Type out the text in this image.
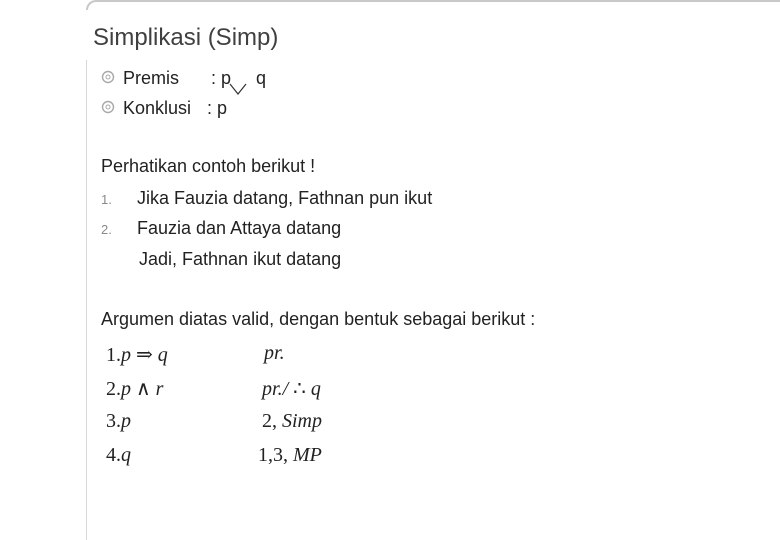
Simplikasi (Simp)
Premis : p q
Konklusi : p
Perhatikan contoh berikut !
1. Jika Fauzia datang, Fathnan pun ikut
2. Fauzia dan Attaya datang
Jadi, Fathnan ikut datang
Argumen diatas valid, dengan bentuk sebagai berikut :
1.p ⇒ q	pr.
2.p ∧ r	pr./ ∴ q
3.p	2, Simp
4.q	1,3, MP
